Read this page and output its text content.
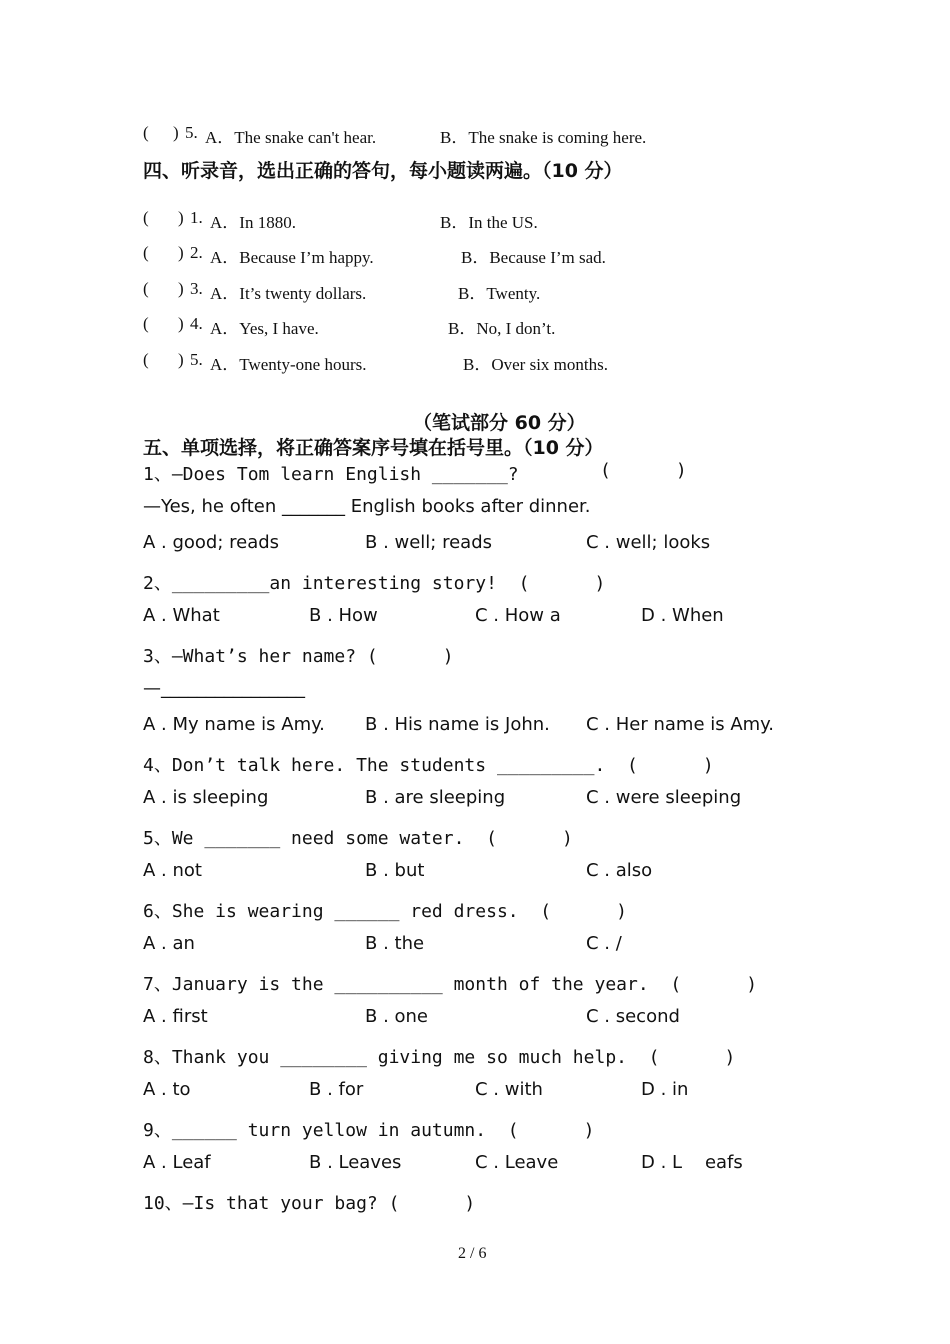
( ) 5. A．The snake can't hear.	B．The snake is coming here.
四、听录音，选出正确的答句，每小题读两遍。（10 分）
( ) 1. A．In 1880.	B．In the US.
( ) 2. A．Because I’m happy.	B．Because I’m sad.
( ) 3. A．It’s twenty dollars.	B．Twenty.
( ) 4. A．Yes, I have.	B．No, I don’t.
( ) 5. A．Twenty-one hours.	B．Over six months.
（笔试部分 60 分）
五、单项选择，将正确答案序号填在括号里。（10 分）
1、—Does Tom learn English _______?	(      )
—Yes, he often _______ English books after dinner.
A . good; reads	B . well; reads	C . well; looks
2、_________an interesting story!  (      )
A . What	B . How	C . How a	D . When
3、—What’s her name? (      )
—________________
A . My name is Amy. B . His name is John. C . Her name is Amy.
4、Don’t talk here. The students _________.  (      )
A . is sleeping	B . are sleeping	C . were sleeping
5、We _______ need some water.  (      )
A . not	B . but	C . also
6、She is wearing ______ red dress.  (      )
A . an	B . the	C . /
7、January is the __________ month of the year.  (      )
A . first	B . one	C . second
8、Thank you ________ giving me so much help.  (      )
A . to	B . for	C . with	D . in
9、______ turn yellow in autumn.  (      )
A . Leaf	B . Leaves	C . Leave	D . L    eafs
10、—Is that your bag? (      )
2 / 6
